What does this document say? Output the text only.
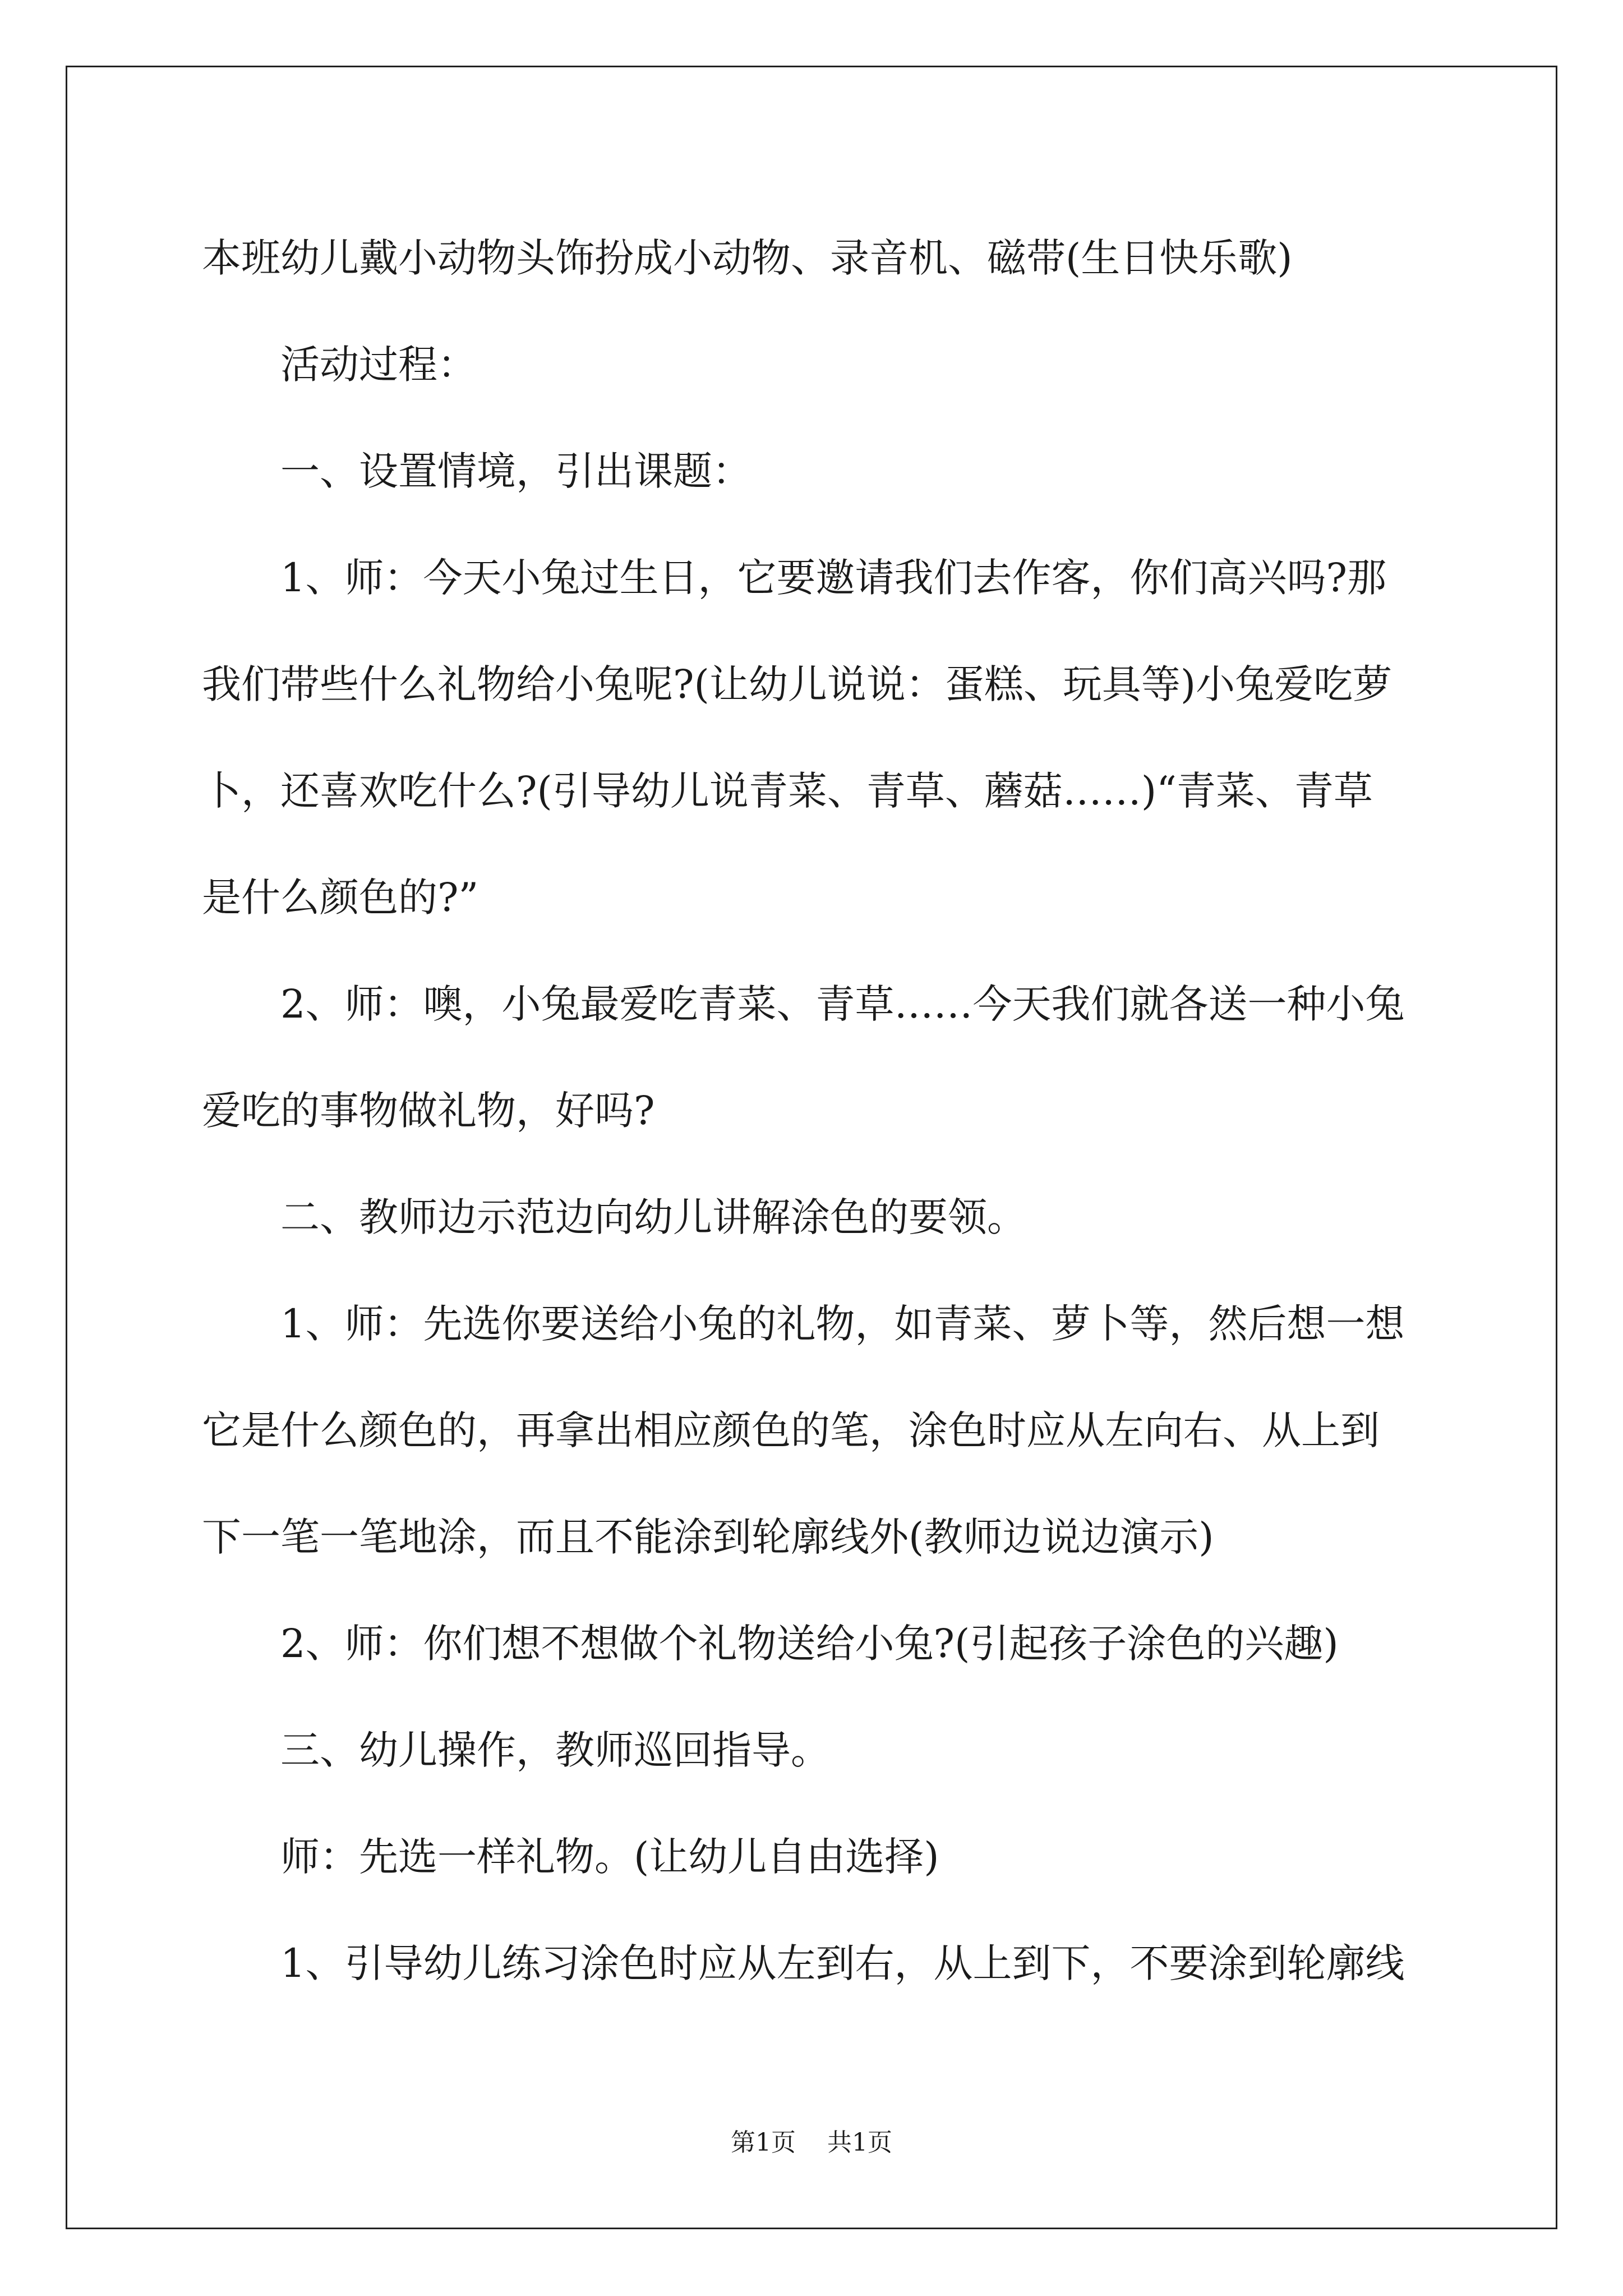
本班幼儿戴小动物头饰扮成小动物、录音机、磁带(生日快乐歌)

活动过程：

一、设置情境，引出课题：

1、师：今天小兔过生日，它要邀请我们去作客，你们高兴吗?那

我们带些什么礼物给小兔呢?(让幼儿说说：蛋糕、玩具等)小兔爱吃萝

卜，还喜欢吃什么?(引导幼儿说青菜、青草、蘑菇……)“青菜、青草

是什么颜色的?”

2、师：噢，小兔最爱吃青菜、青草……今天我们就各送一种小兔

爱吃的事物做礼物，好吗?

二、教师边示范边向幼儿讲解涂色的要领。

1、师：先选你要送给小兔的礼物，如青菜、萝卜等，然后想一想

它是什么颜色的，再拿出相应颜色的笔，涂色时应从左向右、从上到

下一笔一笔地涂，而且不能涂到轮廓线外(教师边说边演示)

2、师：你们想不想做个礼物送给小兔?(引起孩子涂色的兴趣)

三、幼儿操作，教师巡回指导。

师：先选一样礼物。(让幼儿自由选择)

1、引导幼儿练习涂色时应从左到右，从上到下，不要涂到轮廓线

第1页    共1页
